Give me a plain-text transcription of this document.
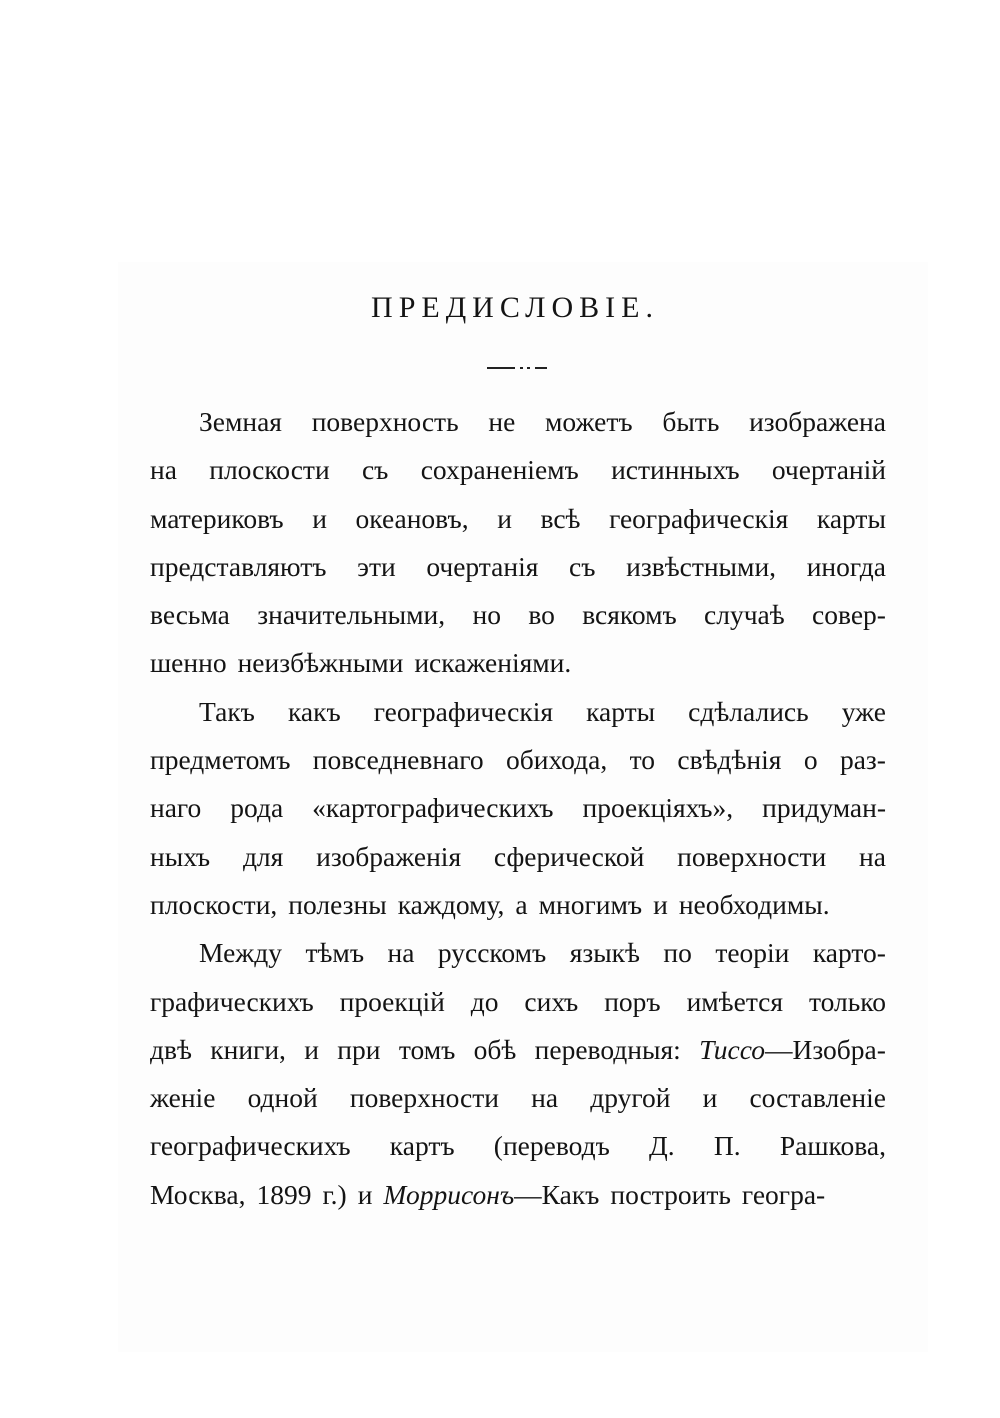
ПРЕДИСЛОВІЕ.
Земная поверхность не можетъ быть изображена
на плоскости съ сохраненіемъ истинныхъ очертаній
материковъ и океановъ, и всѣ географическія карты
представляютъ эти очертанія съ извѣстными, иногда
весьма значительными, но во всякомъ случаѣ совер-
шенно неизбѣжными искаженіями.
Такъ какъ географическія карты сдѣлались уже
предметомъ повседневнаго обихода, то свѣдѣнія о раз-
наго рода «картографическихъ проекціяхъ», придуман-
ныхъ для изображенія сферической поверхности на
плоскости, полезны каждому, а многимъ и необходимы.
Между тѣмъ на русскомъ языкѣ по теоріи карто-
графическихъ проекцій до сихъ поръ имѣется только
двѣ книги, и при томъ обѣ переводныя: Тиссо—Изобра-
женіе одной поверхности на другой и составленіе
географическихъ картъ (переводъ Д. П. Рашкова,
Москва, 1899 г.) и Моррисонъ—Какъ построить геогра-
